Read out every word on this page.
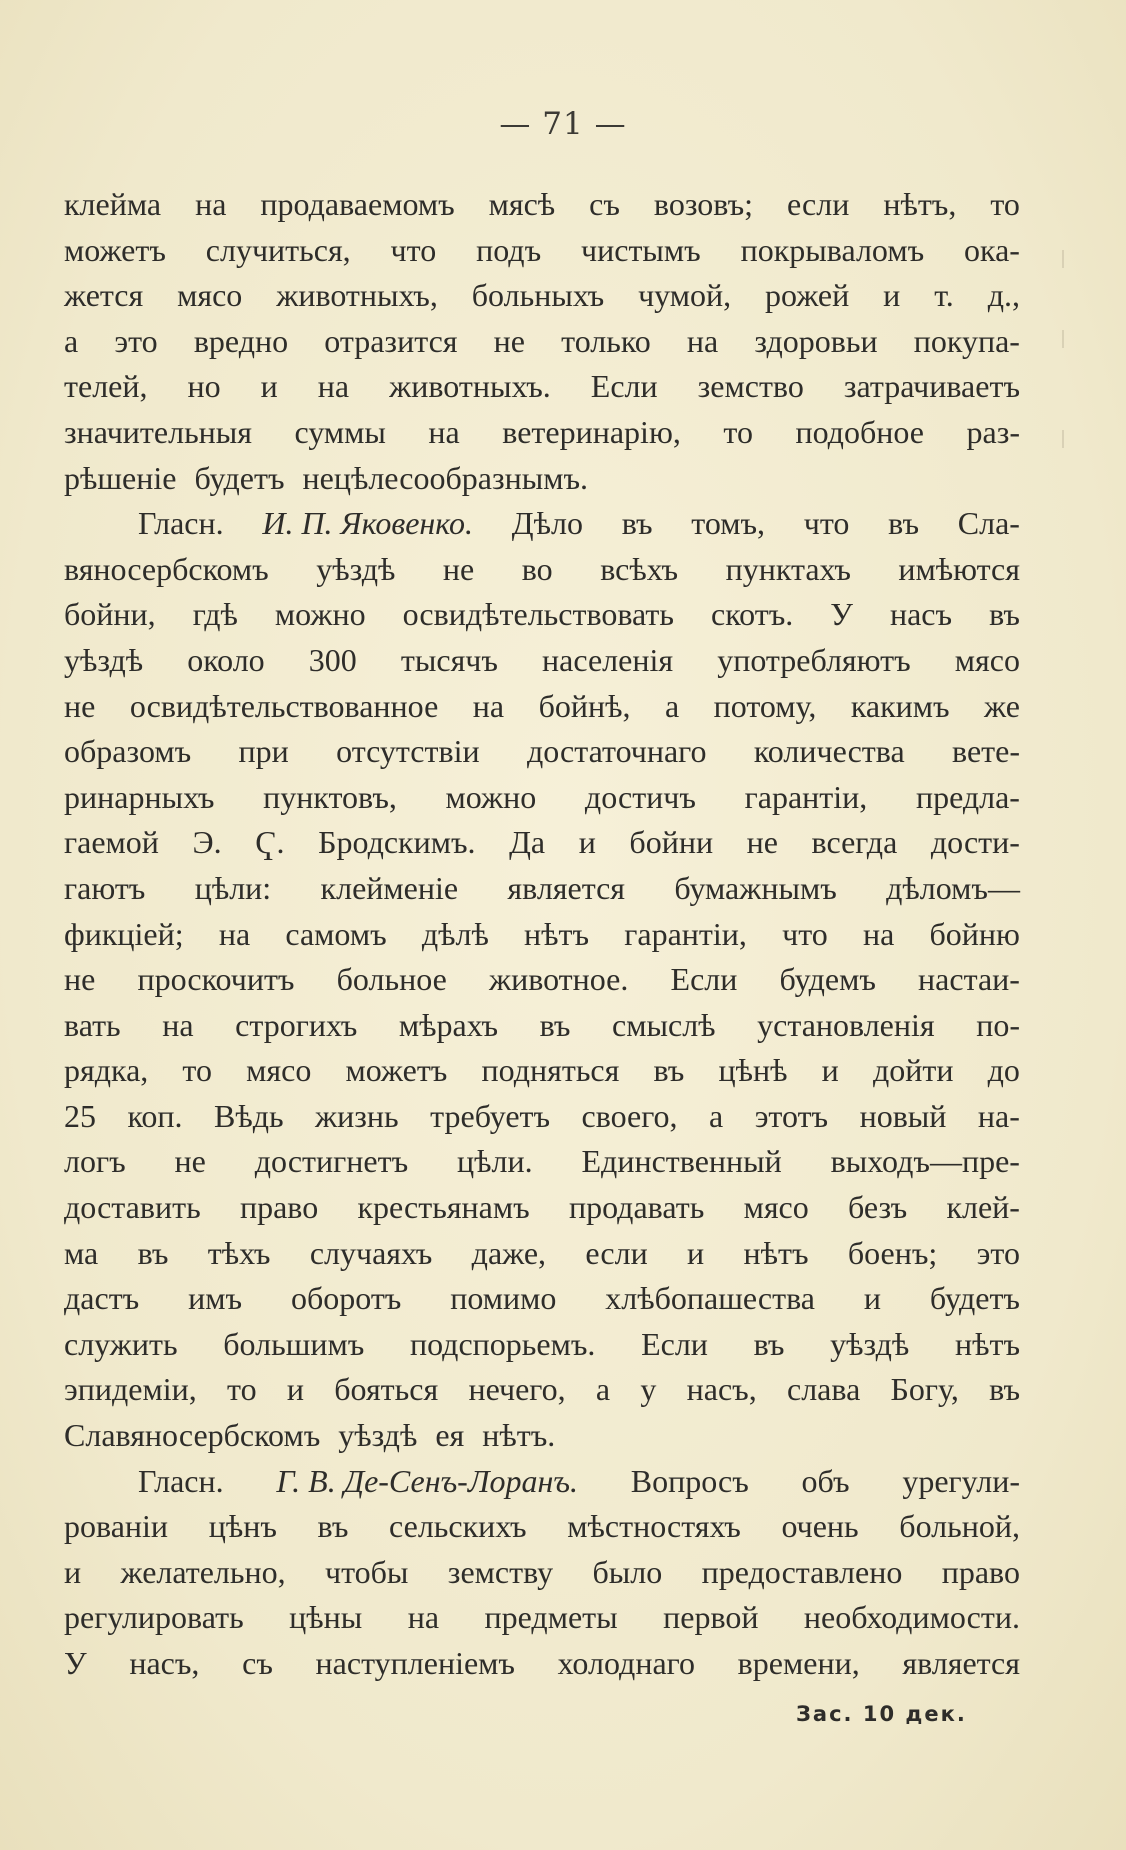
— 71 —
клейма на продаваемомъ мясѣ съ возовъ; если нѣтъ, то
можетъ случиться, что подъ чистымъ покрываломъ ока-
жется мясо животныхъ, больныхъ чумой, рожей и т. д.,
а это вредно отразится не только на здоровьи покупа-
телей, но и на животныхъ. Если земство затрачиваетъ
значительныя суммы на ветеринарію, то подобное раз-
рѣшеніе будетъ нецѣлесообразнымъ.
Гласн. И. П. Яковенко. Дѣло въ томъ, что въ Сла-
вяносербскомъ уѣздѣ не во всѣхъ пунктахъ имѣются
бойни, гдѣ можно освидѣтельствовать скотъ. У насъ въ
уѣздѣ около 300 тысячъ населенія употребляютъ мясо
не освидѣтельствованное на бойнѣ, а потому, какимъ же
образомъ при отсутствіи достаточнаго количества вете-
ринарныхъ пунктовъ, можно достичъ гарантіи, предла-
гаемой Э. Ҁ. Бродскимъ. Да и бойни не всегда дости-
гаютъ цѣли: клейменіе является бумажнымъ дѣломъ—
фикціей; на самомъ дѣлѣ нѣтъ гарантіи, что на бойню
не проскочитъ больное животное. Если будемъ настаи-
вать на строгихъ мѣрахъ въ смыслѣ установленія по-
рядка, то мясо можетъ подняться въ цѣнѣ и дойти до
25 коп. Вѣдь жизнь требуетъ своего, а этотъ новый на-
логъ не достигнетъ цѣли. Единственный выходъ—пре-
доставить право крестьянамъ продавать мясо безъ клей-
ма въ тѣхъ случаяхъ даже, если и нѣтъ боенъ; это
дастъ имъ оборотъ помимо хлѣбопашества и будетъ
служить большимъ подспорьемъ. Если въ уѣздѣ нѣтъ
эпидеміи, то и бояться нечего, а у насъ, слава Богу, въ
Славяносербскомъ уѣздѣ ея нѣтъ.
Гласн. Г. В. Де-Сенъ-Лоранъ. Вопросъ объ урегули-
рованіи цѣнъ въ сельскихъ мѣстностяхъ очень больной,
и желательно, чтобы земству было предоставлено право
регулировать цѣны на предметы первой необходимости.
У насъ, съ наступленіемъ холоднаго времени, является
Зас. 10 дек.
